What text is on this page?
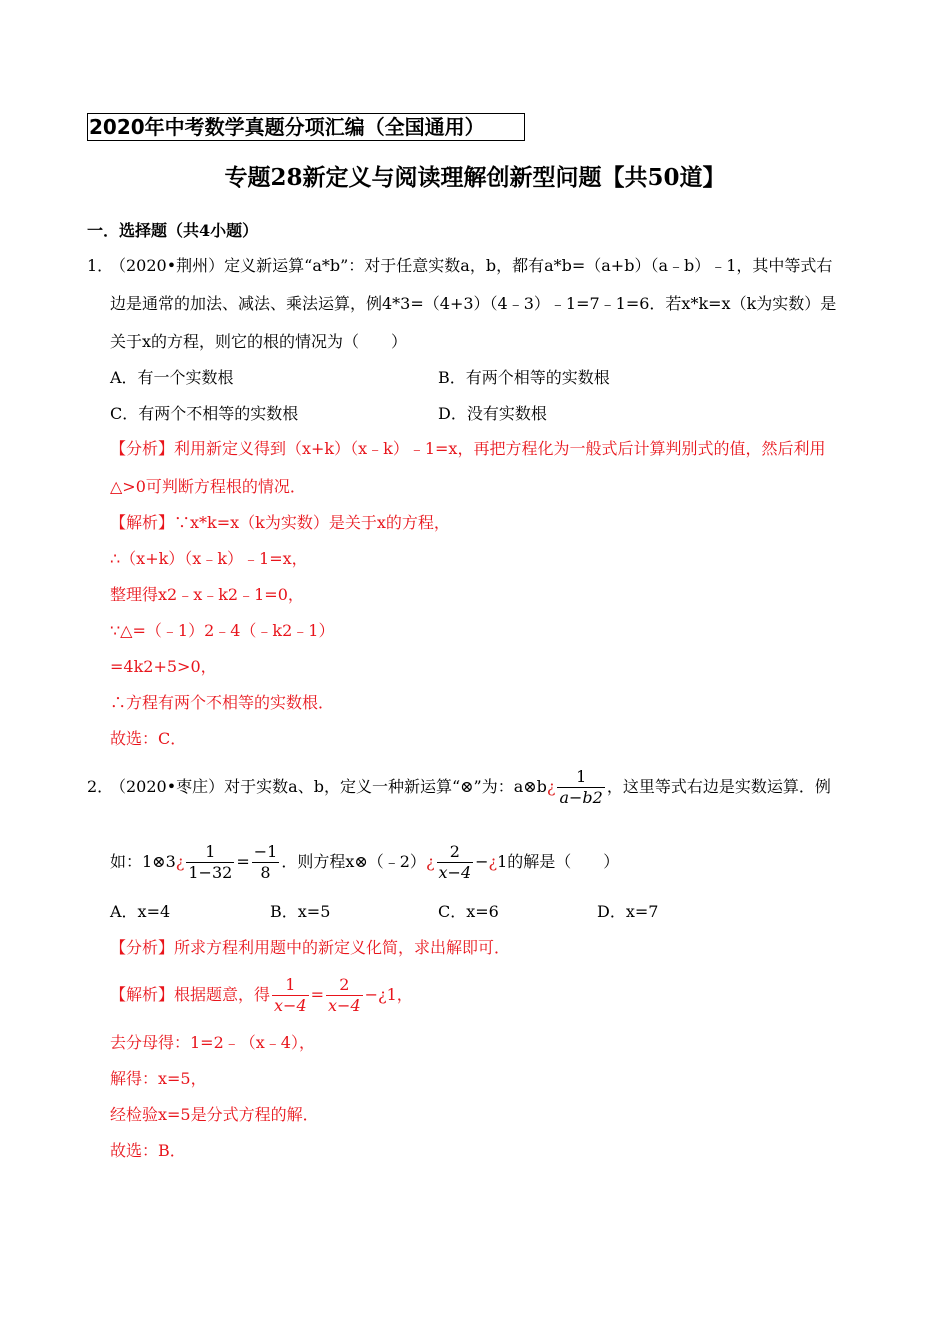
2020年中考数学真题分项汇编（全国通用）
专题28新定义与阅读理解创新型问题【共50道】
一．选择题（共4小题）
1．
（2020•荆州）定义新运算“a*b”：对于任意实数a，b，都有a*b=（a+b）（a﹣b）﹣1，其中等式右
边是通常的加法、减法、乘法运算，例4*3=（4+3）（4﹣3）﹣1=7﹣1=6．若x*k=x（k为实数）是
关于x的方程，则它的根的情况为（　　）
A．有一个实数根	B．有两个相等的实数根
C．有两个不相等的实数根	D．没有实数根
【分析】利用新定义得到（x+k）（x﹣k）﹣1=x，再把方程化为一般式后计算判别式的值，然后利用
△>0可判断方程根的情况．
【解析】∵x*k=x（k为实数）是关于x的方程，
∴（x+k）（x﹣k）﹣1=x，
整理得x2﹣x﹣k2﹣1=0，
∵△=（﹣1）2﹣4（﹣k2﹣1）
=4k2+5>0，
∴方程有两个不相等的实数根．
故选：C．
2．
（2020•枣庄）对于实数a、b，定义一种新运算“⊗”为：a⊗b ¿ $\frac{1}{a-b2}$ ，这里等式右边是实数运算．例
如：1⊗3 ¿ $\frac{1}{1-32} = \frac{-1}{8}$ ．则方程x⊗（﹣2） ¿ $\frac{2}{x-4}$ − ¿ 1的解是（　　）
A．x=4	B．x=5	C．x=6	D．x=7
【分析】所求方程利用题中的新定义化简，求出解即可．
【解析】根据题意，得 $\frac{1}{x-4} = \frac{2}{x-4}$ − ¿ 1，
去分母得：1=2﹣（x﹣4），
解得：x=5，
经检验x=5是分式方程的解．
故选：B．
